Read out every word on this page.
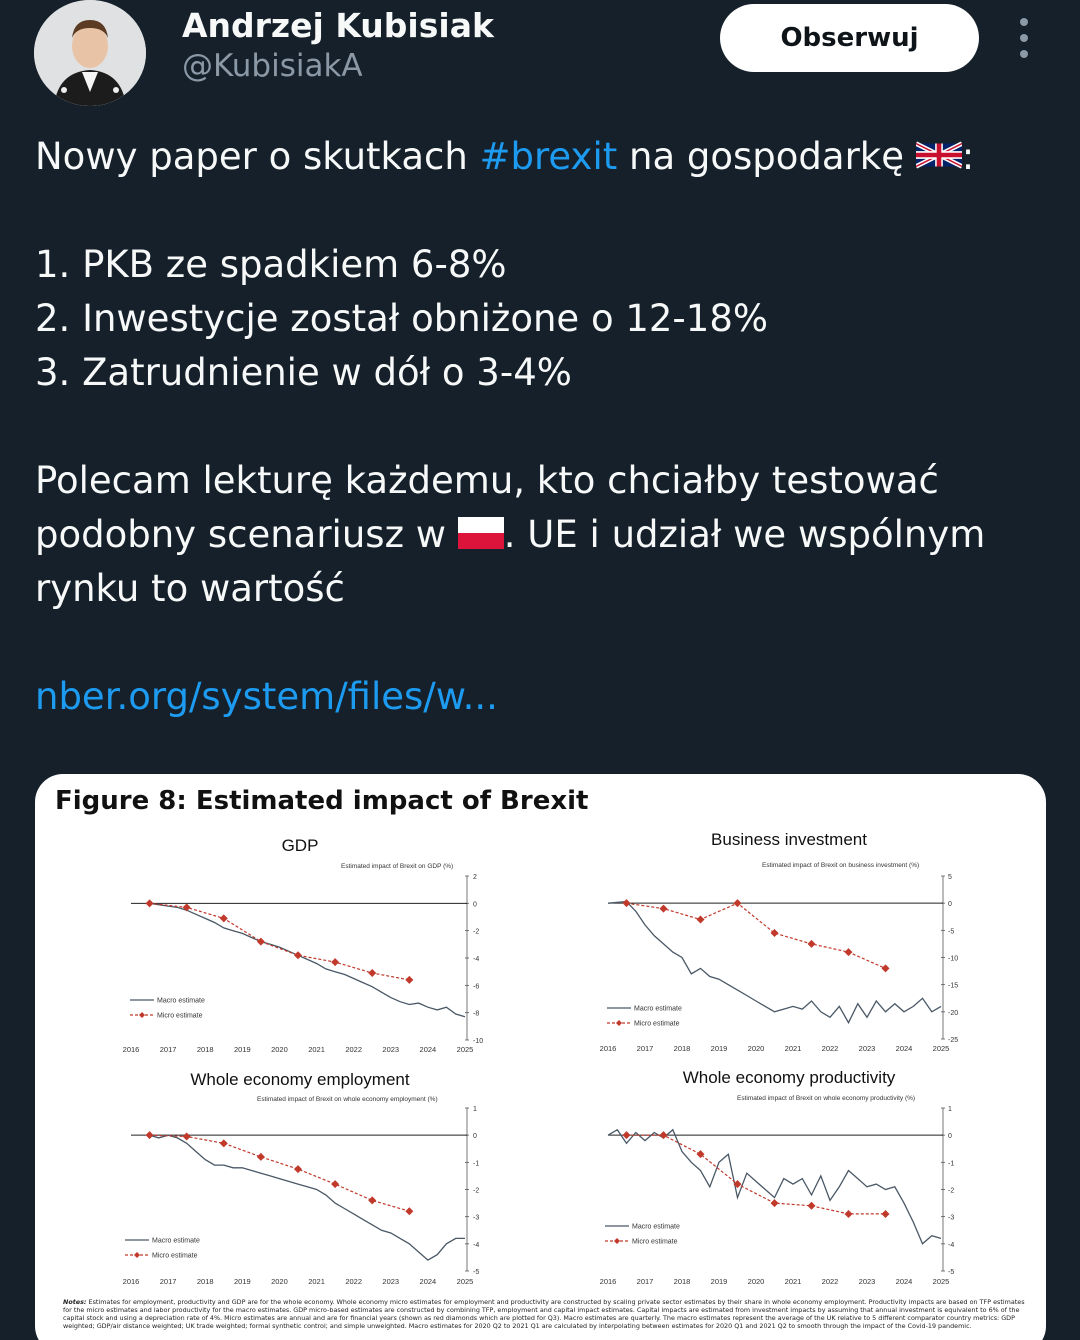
Andrzej Kubisiak
@KubisiakA
Obserwuj
Nowy paper o skutkach #brexit na gospodarkę :
1. PKB ze spadkiem 6-8%
2. Inwestycje został obniżone o 12-18%
3. Zatrudnienie w dół o 3-4%
Polecam lekturę każdemu, kto chciałby testować
podobny scenariusz w . UE i udział we wspólnym
rynku to wartość
nber.org/system/files/w...
Figure 8: Estimated impact of Brexit
GDP
Estimated impact of Brexit on GDP (%)
2
0
-2
-4
-6
-8
-10
2016	2017	2018	2019	2020	2021	2022	2023	2024	2025
Macro estimate
Micro estimate
Business investment
Estimated impact of Brexit on business investment (%)
5
0
-5
-10
-15
-20
-25
2016	2017	2018	2019	2020	2021	2022	2023	2024	2025
Macro estimate
Micro estimate
Whole economy employment
Estimated impact of Brexit on whole economy employment (%)
1
0
-1
-2
-3
-4
-5
2016	2017	2018	2019	2020	2021	2022	2023	2024	2025
Macro estimate
Micro estimate
Whole economy productivity
Estimated impact of Brexit on whole economy productivity (%)
1
0
-1
-2
-3
-4
-5
2016	2017	2018	2019	2020	2021	2022	2023	2024	2025
Macro estimate
Micro estimate
Notes: Estimates for employment, productivity and GDP are for the whole economy. Whole economy micro estimates for employment and productivity are constructed by scaling private sector estimates by their share in whole economy employment. Productivity impacts are based on TFP estimates for the micro estimates and labor productivity for the macro estimates. GDP micro-based estimates are constructed by combining TFP, employment and capital impact estimates. Capital impacts are estimated from investment impacts by assuming that annual investment is equivalent to 6% of the capital stock and using a depreciation rate of 4%. Micro estimates are annual and are for financial years (shown as red diamonds which are plotted for Q3). Macro estimates are quarterly. The macro estimates represent the average of the UK relative to 5 different comparator country metrics: GDP weighted; GDP/air distance weighted; UK trade weighted; formal synthetic control; and simple unweighted. Macro estimates for 2020 Q2 to 2021 Q1 are calculated by interpolating between estimates for 2020 Q1 and 2021 Q2 to smooth through the impact of the Covid-19 pandemic.
